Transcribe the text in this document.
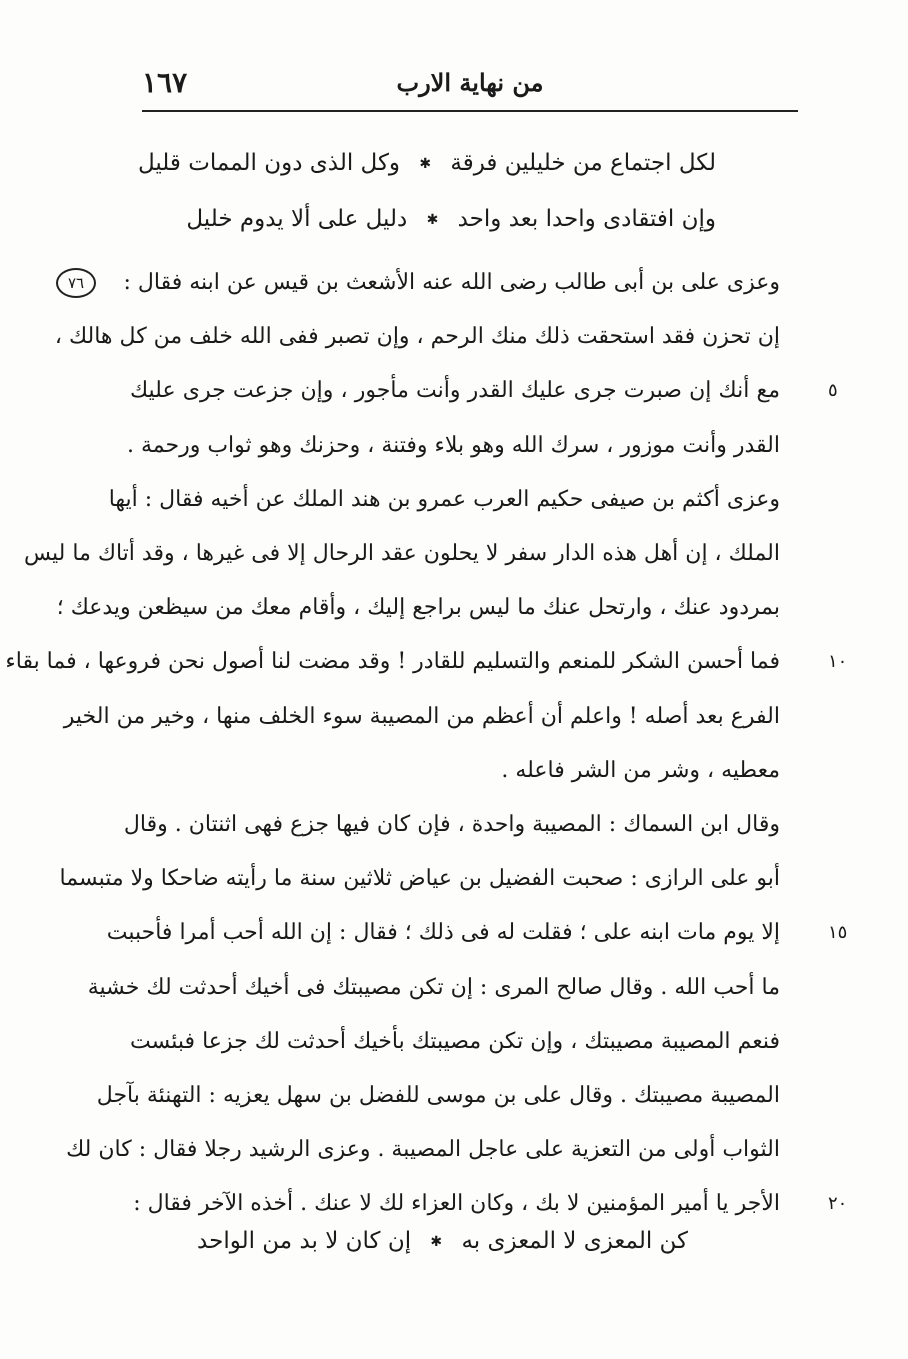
١٦٧	من نهاية الارب
٧٦
لكل اجتماع من خليلين فرقة ✱ وكل الذى دون الممات قليل
وإن افتقادى واحدا بعد واحد ✱ دليل على ألا يدوم خليل
وعزى على بن أبى طالب رضى الله عنه الأشعث بن قيس عن ابنه فقال :
إن تحزن فقد استحقت ذلك منك الرحم ، وإن تصبر ففى الله خلف من كل هالك ،
مع أنك إن صبرت جرى عليك القدر وأنت مأجور ، وإن جزعت جرى عليك
القدر وأنت موزور ، سرك الله وهو بلاء وفتنة ، وحزنك وهو ثواب ورحمة .
وعزى أكثم بن صيفى حكيم العرب عمرو بن هند الملك عن أخيه فقال : أيها
الملك ، إن أهل هذه الدار سفر لا يحلون عقد الرحال إلا فى غيرها ، وقد أتاك ما ليس
بمردود عنك ، وارتحل عنك ما ليس براجع إليك ، وأقام معك من سيظعن ويدعك ؛
فما أحسن الشكر للمنعم والتسليم للقادر ! وقد مضت لنا أصول نحن فروعها ، فما بقاء
الفرع بعد أصله ! واعلم أن أعظم من المصيبة سوء الخلف منها ، وخير من الخير
معطيه ، وشر من الشر فاعله .
وقال ابن السماك : المصيبة واحدة ، فإن كان فيها جزع فهى اثنتان . وقال
أبو على الرازى : صحبت الفضيل بن عياض ثلاثين سنة ما رأيته ضاحكا ولا متبسما
إلا يوم مات ابنه على ؛ فقلت له فى ذلك ؛ فقال : إن الله أحب أمرا فأحببت
ما أحب الله . وقال صالح المرى : إن تكن مصيبتك فى أخيك أحدثت لك خشية
فنعم المصيبة مصيبتك ، وإن تكن مصيبتك بأخيك أحدثت لك جزعا فبئست
المصيبة مصيبتك . وقال على بن موسى للفضل بن سهل يعزيه : التهنئة بآجل
الثواب أولى من التعزية على عاجل المصيبة . وعزى الرشيد رجلا فقال : كان لك
الأجر يا أمير المؤمنين لا بك ، وكان العزاء لك لا عنك . أخذه الآخر فقال :
٥
١٠
١٥
٢٠
كن المعزى لا المعزى به ✱ إن كان لا بد من الواحد
